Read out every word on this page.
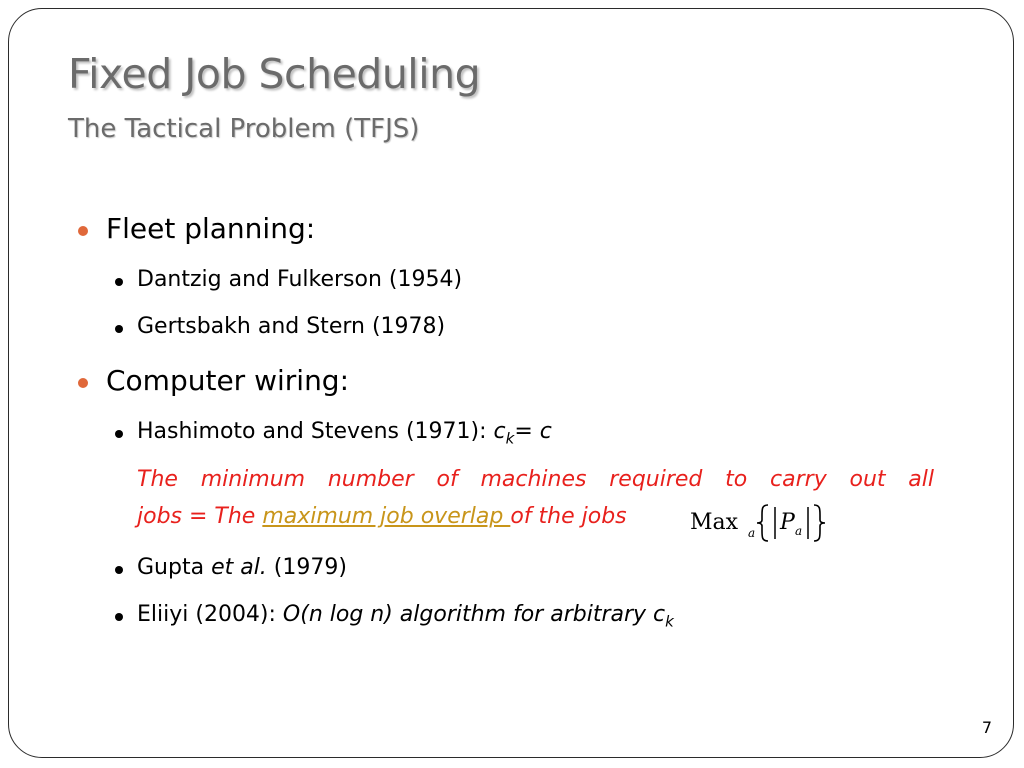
Fixed Job Scheduling
The Tactical Problem (TFJS)
Fleet planning:
Dantzig and Fulkerson (1954)
Gertsbakh and Stern (1978)
Computer wiring:
Hashimoto and Stevens (1971): $c_k= c$
The minimum number of machines required to carry out all
jobs = The maximum job overlap of the jobs	Max a P a
Gupta et al. (1979)
Eliiyi (2004): O(n log n) algorithm for arbitrary $c_k$
7
